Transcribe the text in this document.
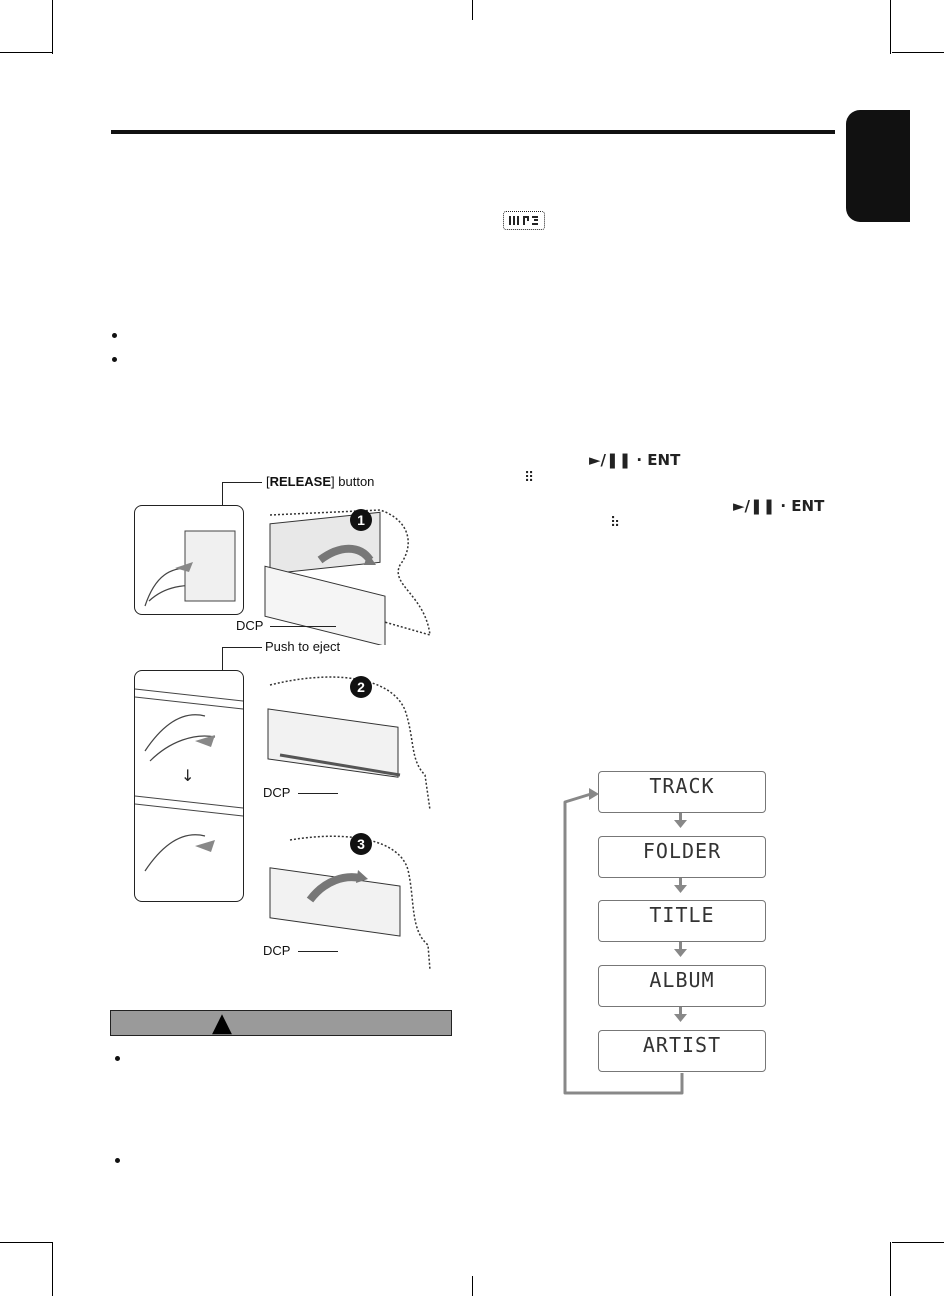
[RELEASE] button
1
DCP
Push to eject
↓
2
DCP
3
DCP
▲
►/❚❚ · ENT
⠿
►/❚❚ · ENT
⠷
TRACK
FOLDER
TITLE
ALBUM
ARTIST
